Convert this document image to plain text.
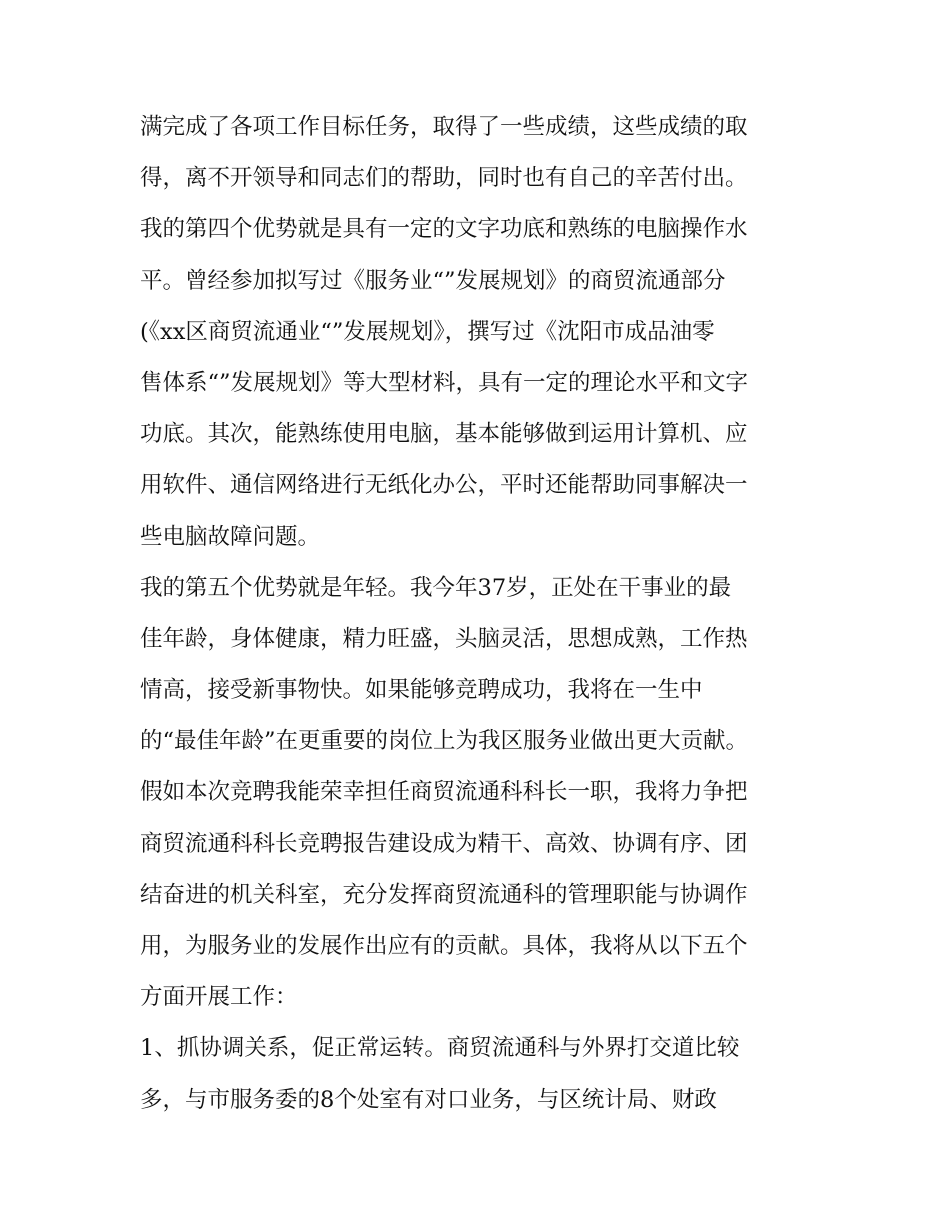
满完成了各项工作目标任务，取得了一些成绩，这些成绩的取
得，离不开领导和同志们的帮助，同时也有自己的辛苦付出。
我的第四个优势就是具有一定的文字功底和熟练的电脑操作水
平。曾经参加拟写过《服务业“”发展规划》的商贸流通部分
(《xx区商贸流通业“”发展规划》，撰写过《沈阳市成品油零
售体系“”发展规划》等大型材料，具有一定的理论水平和文字
功底。其次，能熟练使用电脑，基本能够做到运用计算机、应
用软件、通信网络进行无纸化办公，平时还能帮助同事解决一
些电脑故障问题。
我的第五个优势就是年轻。我今年37岁，正处在干事业的最
佳年龄，身体健康，精力旺盛，头脑灵活，思想成熟，工作热
情高，接受新事物快。如果能够竞聘成功，我将在一生中
的“最佳年龄”在更重要的岗位上为我区服务业做出更大贡献。
假如本次竞聘我能荣幸担任商贸流通科科长一职，我将力争把
商贸流通科科长竞聘报告建设成为精干、高效、协调有序、团
结奋进的机关科室，充分发挥商贸流通科的管理职能与协调作
用，为服务业的发展作出应有的贡献。具体，我将从以下五个
方面开展工作：
1、抓协调关系，促正常运转。商贸流通科与外界打交道比较
多，与市服务委的8个处室有对口业务，与区统计局、财政
